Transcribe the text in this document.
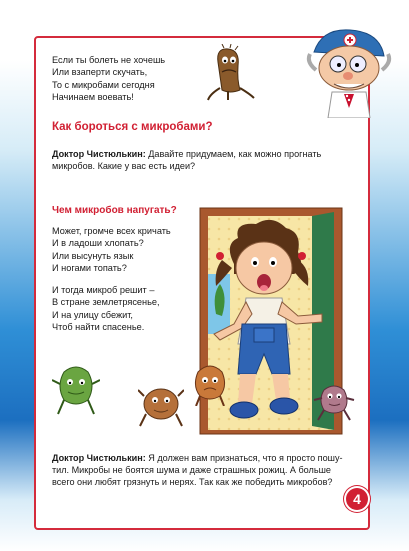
Если ты болеть не хочешь
Или взаперти скучать,
То с микробами сегодня
Начинаем воевать!
Как бороться с микробами?
Доктор Чистюлькин: Давайте придумаем, как можно прогнать
микробов. Какие у вас есть идеи?
Чем микробов напугать?
Может, громче всех кричать
И в ладоши хлопать?
Или высунуть язык
И ногами топать?
И тогда микроб решит –
В стране землетрясенье,
И на улицу сбежит,
Чтоб найти спасенье.
Доктор Чистюлькин: Я должен вам признаться, что я просто пошу-
тил. Микробы не боятся шума и даже страшных рожиц. А больше
всего они любят грязнуть и нерях. Так как же победить микробов?
4
